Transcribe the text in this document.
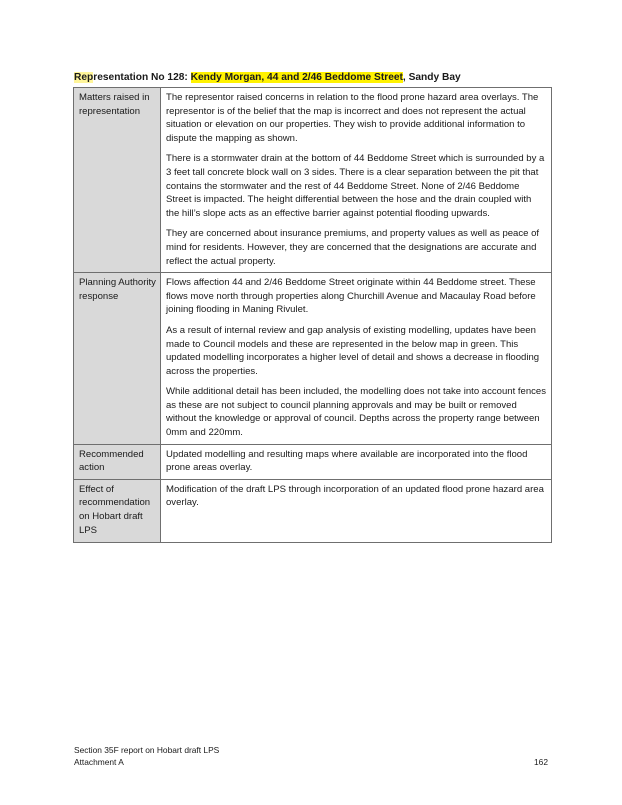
Representation No 128: Kendy Morgan, 44 and 2/46 Beddome Street, Sandy Bay
Matters raised in representation	The representor raised concerns in relation to the flood prone hazard area overlays. The representor is of the belief that the map is incorrect and does not represent the actual situation or elevation on our properties. They wish to provide additional information to dispute the mapping as shown.

There is a stormwater drain at the bottom of 44 Beddome Street which is surrounded by a 3 feet tall concrete block wall on 3 sides. There is a clear separation between the pit that contains the stormwater and the rest of 44 Beddome Street. None of 2/46 Beddome Street is impacted. The height differential between the hose and the drain coupled with the hill’s slope acts as an effective barrier against potential flooding upwards.

They are concerned about insurance premiums, and property values as well as peace of mind for residents. However, they are concerned that the designations are accurate and reflect the actual property.

Planning Authority response	Flows affection 44 and 2/46 Beddome Street originate within 44 Beddome street. These flows move north through properties along Churchill Avenue and Macaulay Road before joining flooding in Maning Rivulet.

As a result of internal review and gap analysis of existing modelling, updates have been made to Council models and these are represented in the below map in green. This updated modelling incorporates a higher level of detail and shows a decrease in flooding across the properties.

While additional detail has been included, the modelling does not take into account fences as these are not subject to council planning approvals and may be built or removed without the knowledge or approval of council. Depths across the property range between 0mm and 220mm.

Recommended action	Updated modelling and resulting maps where available are incorporated into the flood prone areas overlay.

Effect of recommendation on Hobart draft LPS	Modification of the draft LPS through incorporation of an updated flood prone hazard area overlay.

Section 35F report on Hobart draft LPS
Attachment A	162
